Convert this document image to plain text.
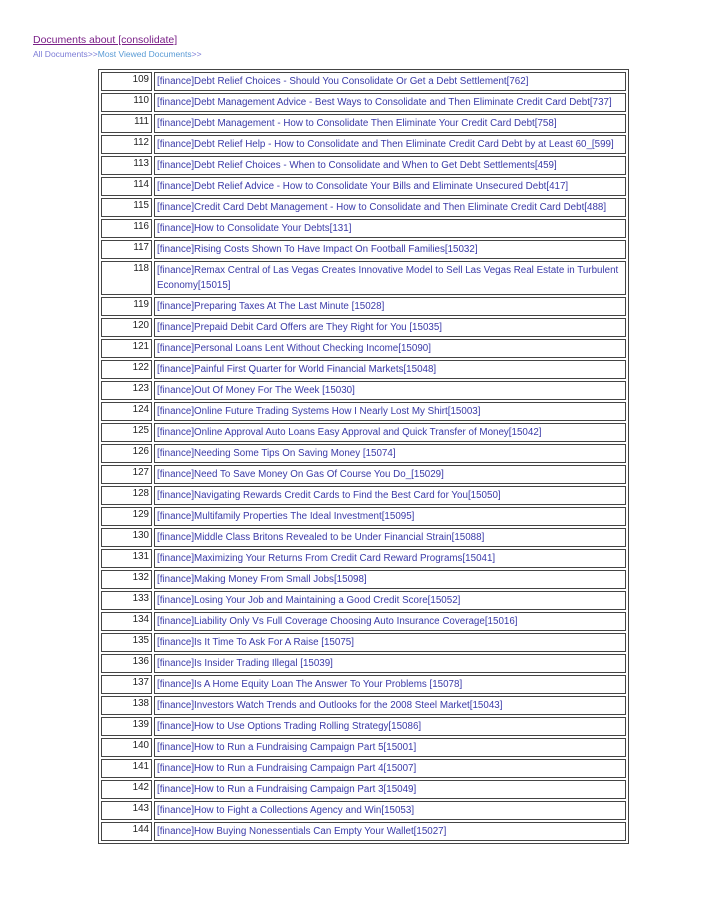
Documents about [consolidate]
All Documents>>Most Viewed Documents>>
109	[finance]Debt Relief Choices - Should You Consolidate Or Get a Debt Settlement[762]
110	[finance]Debt Management Advice - Best Ways to Consolidate and Then Eliminate Credit Card Debt[737]
111	[finance]Debt Management - How to Consolidate Then Eliminate Your Credit Card Debt[758]
112	[finance]Debt Relief Help - How to Consolidate and Then Eliminate Credit Card Debt by at Least 60_[599]
113	[finance]Debt Relief Choices - When to Consolidate and When to Get Debt Settlements[459]
114	[finance]Debt Relief Advice - How to Consolidate Your Bills and Eliminate Unsecured Debt[417]
115	[finance]Credit Card Debt Management - How to Consolidate and Then Eliminate Credit Card Debt[488]
116	[finance]How to Consolidate Your Debts[131]
117	[finance]Rising Costs Shown To Have Impact On Football Families[15032]
118	[finance]Remax Central of Las Vegas Creates Innovative Model to Sell Las Vegas Real Estate in Turbulent Economy[15015]
119	[finance]Preparing Taxes At The Last Minute [15028]
120	[finance]Prepaid Debit Card Offers are They Right for You [15035]
121	[finance]Personal Loans Lent Without Checking Income[15090]
122	[finance]Painful First Quarter for World Financial Markets[15048]
123	[finance]Out Of Money For The Week [15030]
124	[finance]Online Future Trading Systems How I Nearly Lost My Shirt[15003]
125	[finance]Online Approval Auto Loans Easy Approval and Quick Transfer of Money[15042]
126	[finance]Needing Some Tips On Saving Money [15074]
127	[finance]Need To Save Money On Gas Of Course You Do_[15029]
128	[finance]Navigating Rewards Credit Cards to Find the Best Card for You[15050]
129	[finance]Multifamily Properties The Ideal Investment[15095]
130	[finance]Middle Class Britons Revealed to be Under Financial Strain[15088]
131	[finance]Maximizing Your Returns From Credit Card Reward Programs[15041]
132	[finance]Making Money From Small Jobs[15098]
133	[finance]Losing Your Job and Maintaining a Good Credit Score[15052]
134	[finance]Liability Only Vs Full Coverage Choosing Auto Insurance Coverage[15016]
135	[finance]Is It Time To Ask For A Raise [15075]
136	[finance]Is Insider Trading Illegal [15039]
137	[finance]Is A Home Equity Loan The Answer To Your Problems [15078]
138	[finance]Investors Watch Trends and Outlooks for the 2008 Steel Market[15043]
139	[finance]How to Use Options Trading Rolling Strategy[15086]
140	[finance]How to Run a Fundraising Campaign Part 5[15001]
141	[finance]How to Run a Fundraising Campaign Part 4[15007]
142	[finance]How to Run a Fundraising Campaign Part 3[15049]
143	[finance]How to Fight a Collections Agency and Win[15053]
144	[finance]How Buying Nonessentials Can Empty Your Wallet[15027]
